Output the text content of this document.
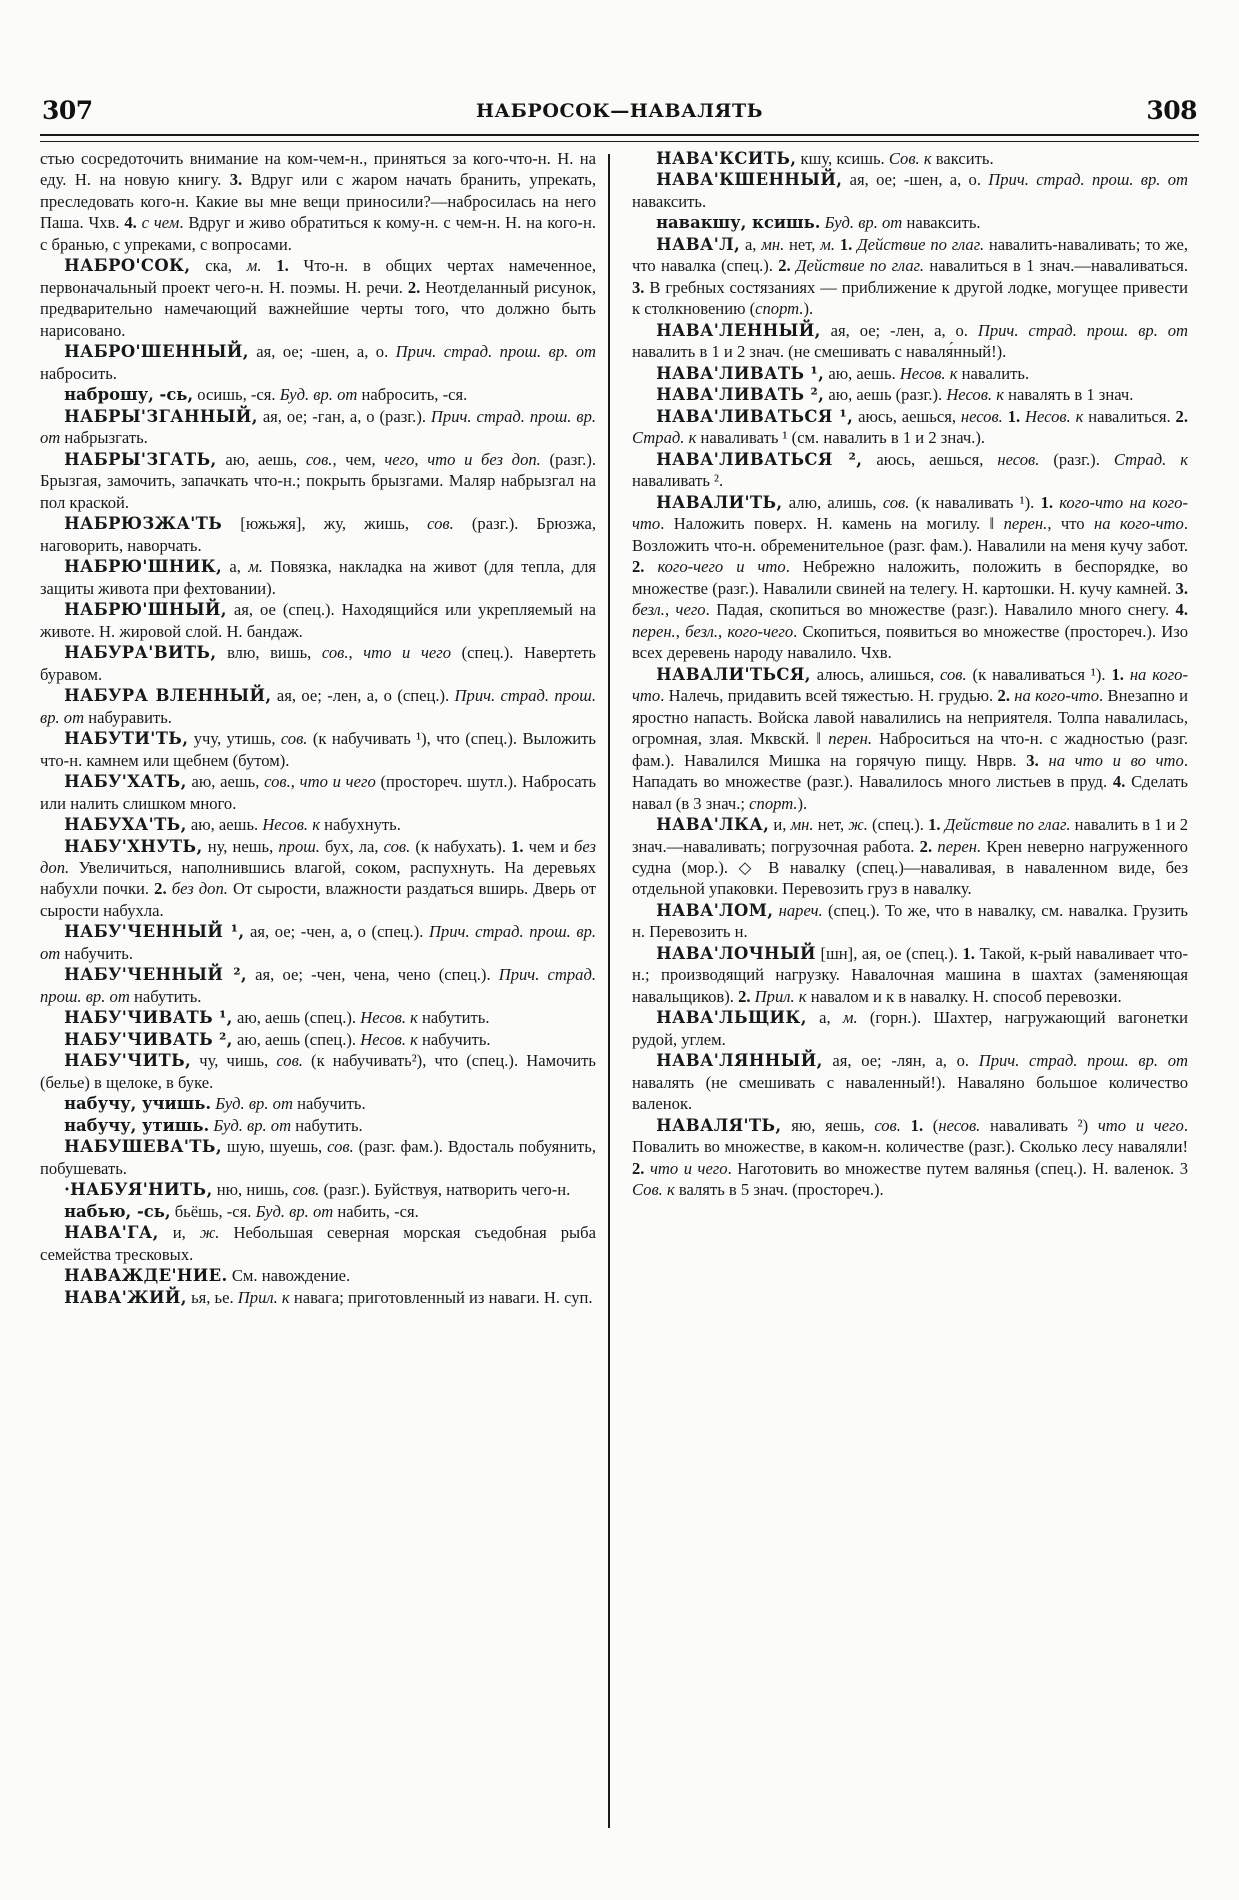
307	НАБРОСОК—НАВАЛЯТЬ	308

стью сосредоточить внимание на ком-чем-н., приняться за кого-что-н. Н. на еду. Н. на новую книгу. 3. Вдруг или с жаром начать бранить, упрекать, преследовать кого-н. Какие вы мне вещи приносили?—набросилась на него Паша. Чхв. 4. с чем. Вдруг и живо обратиться к кому-н. с чем-н. Н. на кого-н. с бранью, с упреками, с вопросами.

НАБРО'СОК, ска, м. 1. Что-н. в общих чертах намеченное, первоначальный проект чего-н. Н. поэмы. Н. речи. 2. Неотделанный рисунок, предварительно намечающий важнейшие черты того, что должно быть нарисовано.

НАБРО'ШЕННЫЙ, ая, ое; -шен, а, о. Прич. страд. прош. вр. от набросить.

наброшу, -сь, осишь, -ся. Буд. вр. от набросить, -ся.

НАБРЫ'ЗГАННЫЙ, ая, ое; -ган, а, о (разг.). Прич. страд. прош. вр. от набрызгать.

НАБРЫ'ЗГАТЬ, аю, аешь, сов., чем, чего, что и без доп. (разг.). Брызгая, замочить, запачкать что-н.; покрыть брызгами. Маляр набрызгал на пол краской.

НАБРЮЗЖА'ТЬ [южьжя], жу, жишь, сов. (разг.). Брюзжа, наговорить, наворчать.

НАБРЮ'ШНИК, а, м. Повязка, накладка на живот (для тепла, для защиты живота при фехтовании).

НАБРЮ'ШНЫЙ, ая, ое (спец.). Находящийся или укрепляемый на животе. Н. жировой слой. Н. бандаж.

НАБУРА'ВИТЬ, влю, вишь, сов., что и чего (спец.). Навертеть буравом.

НАБУРА ВЛЕННЫЙ, ая, ое; -лен, а, о (спец.). Прич. страд. прош. вр. от набуравить.

НАБУТИ'ТЬ, учу, утишь, сов. (к набучивать ¹), что (спец.). Выложить что-н. камнем или щебнем (бутом).

НАБУ'ХАТЬ, аю, аешь, сов., что и чего (простореч. шутл.). Набросать или налить слишком много.

НАБУХА'ТЬ, аю, аешь. Несов. к набухнуть.

НАБУ'ХНУТЬ, ну, нешь, прош. бух, ла, сов. (к набухать). 1. чем и без доп. Увеличиться, наполнившись влагой, соком, распухнуть. На деревьях набухли почки. 2. без доп. От сырости, влажности раздаться вширь. Дверь от сырости набухла.

НАБУ'ЧЕННЫЙ ¹, ая, ое; -чен, а, о (спец.). Прич. страд. прош. вр. от набучить.

НАБУ'ЧЕННЫЙ ², ая, ое; -чен, чена, чено (спец.). Прич. страд. прош. вр. от набутить.

НАБУ'ЧИВАТЬ ¹, аю, аешь (спец.). Несов. к набутить.

НАБУ'ЧИВАТЬ ², аю, аешь (спец.). Несов. к набучить.

НАБУ'ЧИТЬ, чу, чишь, сов. (к набучивать²), что (спец.). Намочить (белье) в щелоке, в буке.

набучу, учишь. Буд. вр. от набучить.

набучу, утишь. Буд. вр. от набутить.

НАБУШЕВА'ТЬ, шую, шуешь, сов. (разг. фам.). Вдосталь побуянить, побушевать.

·НАБУЯ'НИТЬ, ню, нишь, сов. (разг.). Буйствуя, натворить чего-н.

набью, -сь, бьёшь, -ся. Буд. вр. от набить, -ся.

НАВА'ГА, и, ж. Небольшая северная морская съедобная рыба семейства тресковых.

НАВАЖДЕ'НИЕ. См. навождение.

НАВА'ЖИЙ, ья, ье. Прил. к навага; приготовленный из наваги. Н. суп.

НАВА'КСИТЬ, кшу, ксишь. Сов. к ваксить.

НАВА'КШЕННЫЙ, ая, ое; -шен, а, о. Прич. страд. прош. вр. от наваксить.

навакшу, ксишь. Буд. вр. от наваксить.

НАВА'Л, а, мн. нет, м. 1. Действие по глаг. навалить-наваливать; то же, что навалка (спец.). 2. Действие по глаг. навалиться в 1 знач.—наваливаться. 3. В гребных состязаниях — приближение к другой лодке, могущее привести к столкновению (спорт.).

НАВА'ЛЕННЫЙ, ая, ое; -лен, а, о. Прич. страд. прош. вр. от навалить в 1 и 2 знач. (не смешивать с наваля́нный!).

НАВА'ЛИВАТЬ ¹, аю, аешь. Несов. к навалить.

НАВА'ЛИВАТЬ ², аю, аешь (разг.). Несов. к навалять в 1 знач.

НАВА'ЛИВАТЬСЯ ¹, аюсь, аешься, несов. 1. Несов. к навалиться. 2. Страд. к наваливать ¹ (см. навалить в 1 и 2 знач.).

НАВА'ЛИВАТЬСЯ ², аюсь, аешься, несов. (разг.). Страд. к наваливать ².

НАВАЛИ'ТЬ, алю, алишь, сов. (к наваливать ¹). 1. кого-что на кого-что. Наложить поверх. Н. камень на могилу. ‖ перен., что на кого-что. Возложить что-н. обременительное (разг. фам.). Навалили на меня кучу забот. 2. кого-чего и что. Небрежно наложить, положить в беспорядке, во множестве (разг.). Навалили свиней на телегу. Н. картошки. Н. кучу камней. 3. безл., чего. Падая, скопиться во множестве (разг.). Навалило много снегу. 4. перен., безл., кого-чего. Скопиться, появиться во множестве (простореч.). Изо всех деревень народу навалило. Чхв.

НАВАЛИ'ТЬСЯ, алюсь, алишься, сов. (к наваливаться ¹). 1. на кого-что. Налечь, придавить всей тяжестью. Н. грудью. 2. на кого-что. Внезапно и яростно напасть. Войска лавой навалились на неприятеля. Толпа навалилась, огромная, злая. Мквскй. ‖ перен. Наброситься на что-н. с жадностью (разг. фам.). Навалился Мишка на горячую пищу. Нврв. 3. на что и во что. Нападать во множестве (разг.). Навалилось много листьев в пруд. 4. Сделать навал (в 3 знач.; спорт.).

НАВА'ЛКА, и, мн. нет, ж. (спец.). 1. Действие по глаг. навалить в 1 и 2 знач.—наваливать; погрузочная работа. 2. перен. Крен неверно нагруженного судна (мор.). ◇ В навалку (спец.)—наваливая, в наваленном виде, без отдельной упаковки. Перевозить груз в навалку.

НАВА'ЛОМ, нареч. (спец.). То же, что в навалку, см. навалка. Грузить н. Перевозить н.

НАВА'ЛОЧНЫЙ [шн], ая, ое (спец.). 1. Такой, к-рый наваливает что-н.; производящий нагрузку. Навалочная машина в шахтах (заменяющая навальщиков). 2. Прил. к навалом и к в навалку. Н. способ перевозки.

НАВА'ЛЬЩИК, а, м. (горн.). Шахтер, нагружающий вагонетки рудой, углем.

НАВА'ЛЯННЫЙ, ая, ое; -лян, а, о. Прич. страд. прош. вр. от навалять (не смешивать с наваленный!). Наваляно большое количество валенок.

НАВАЛЯ'ТЬ, яю, яешь, сов. 1. (несов. наваливать ²) что и чего. Повалить во множестве, в каком-н. количестве (разг.). Сколько лесу наваляли! 2. что и чего. Наготовить во множестве путем валянья (спец.). Н. валенок. 3 Сов. к валять в 5 знач. (простореч.).
